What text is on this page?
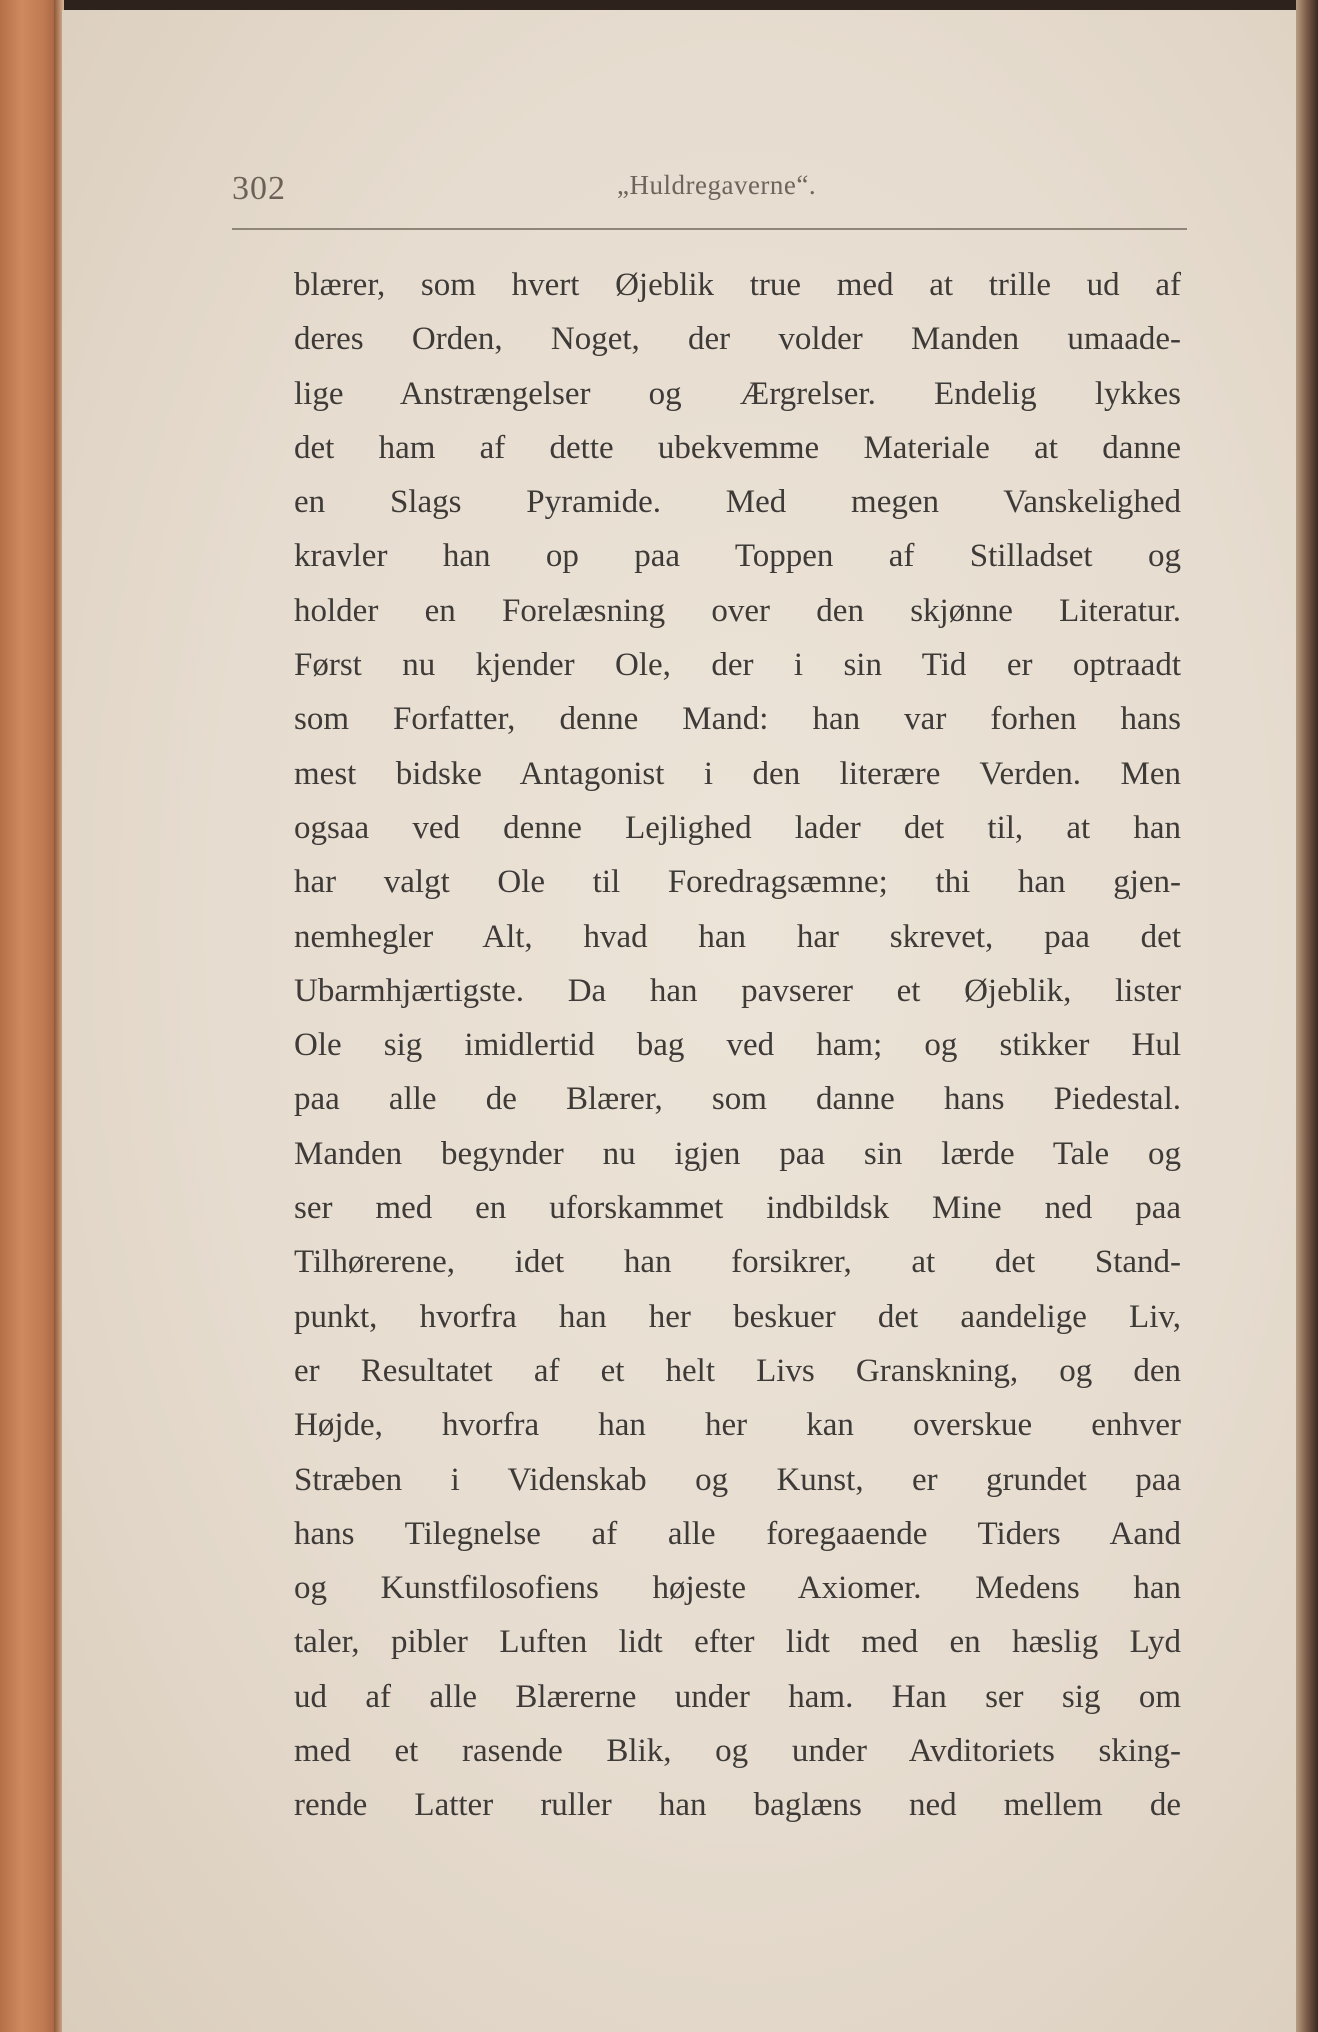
302	„Huldregaverne“.
blærer, som hvert Øjeblik true med at trille ud af
deres Orden, Noget, der volder Manden umaade-
lige Anstrængelser og Ærgrelser. Endelig lykkes
det ham af dette ubekvemme Materiale at danne
en Slags Pyramide. Med megen Vanskelighed
kravler han op paa Toppen af Stilladset og
holder en Forelæsning over den skjønne Literatur.
Først nu kjender Ole, der i sin Tid er optraadt
som Forfatter, denne Mand: han var forhen hans
mest bidske Antagonist i den literære Verden. Men
ogsaa ved denne Lejlighed lader det til, at han
har valgt Ole til Foredragsæmne; thi han gjen-
nemhegler Alt, hvad han har skrevet, paa det
Ubarmhjærtigste. Da han pavserer et Øjeblik, lister
Ole sig imidlertid bag ved ham; og stikker Hul
paa alle de Blærer, som danne hans Piedestal.
Manden begynder nu igjen paa sin lærde Tale og
ser med en uforskammet indbildsk Mine ned paa
Tilhørerene, idet han forsikrer, at det Stand-
punkt, hvorfra han her beskuer det aandelige Liv,
er Resultatet af et helt Livs Granskning, og den
Højde, hvorfra han her kan overskue enhver
Stræben i Videnskab og Kunst, er grundet paa
hans Tilegnelse af alle foregaaende Tiders Aand
og Kunstfilosofiens højeste Axiomer. Medens han
taler, pibler Luften lidt efter lidt med en hæslig Lyd
ud af alle Blærerne under ham. Han ser sig om
med et rasende Blik, og under Avditoriets sking-
rende Latter ruller han baglæns ned mellem de
